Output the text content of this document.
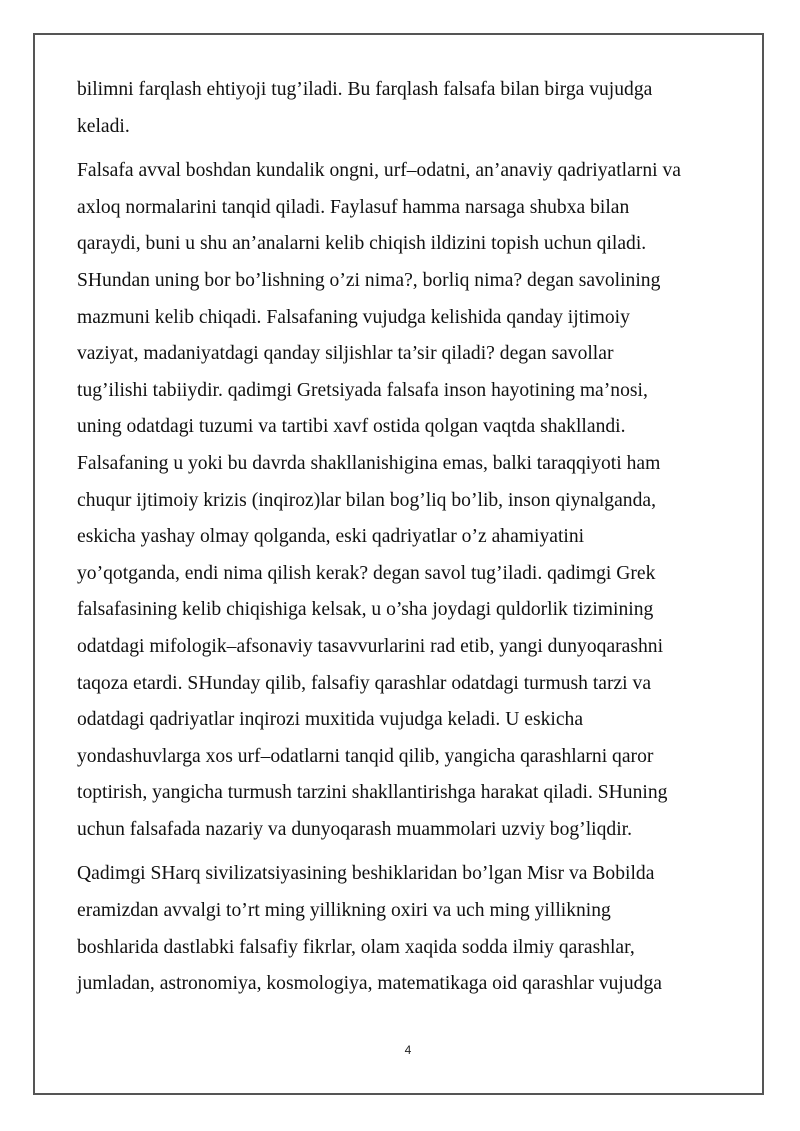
bilimni farqlash ehtiyoji tug’iladi. Bu farqlash falsafa bilan birga vujudga
keladi.
Falsafa avval boshdan kundalik ongni, urf–odatni, an’anaviy qadriyatlarni va
axloq normalarini tanqid qiladi. Faylasuf hamma narsaga shubxa bilan
qaraydi, buni u shu an’analarni kelib chiqish ildizini topish uchun qiladi.
SHundan uning bor bo’lishning o’zi nima?, borliq nima? degan savolining
mazmuni kelib chiqadi. Falsafaning vujudga kelishida qanday ijtimoiy
vaziyat, madaniyatdagi qanday siljishlar ta’sir qiladi? degan savollar
tug’ilishi tabiiydir. qadimgi Gretsiyada falsafa inson hayotining ma’nosi,
uning odatdagi tuzumi va tartibi xavf ostida qolgan vaqtda shakllandi.
Falsafaning u yoki bu davrda shakllanishigina emas, balki taraqqiyoti ham
chuqur ijtimoiy krizis (inqiroz)lar bilan bog’liq bo’lib, inson qiynalganda,
eskicha yashay olmay qolganda, eski qadriyatlar o’z ahamiyatini
yo’qotganda, endi nima qilish kerak? degan savol tug’iladi. qadimgi Grek
falsafasining kelib chiqishiga kelsak, u o’sha joydagi quldorlik tizimining
odatdagi mifologik–afsonaviy tasavvurlarini rad etib, yangi dunyoqarashni
taqoza etardi. SHunday qilib, falsafiy qarashlar odatdagi turmush tarzi va
odatdagi qadriyatlar inqirozi muxitida vujudga keladi. U eskicha
yondashuvlarga xos urf–odatlarni tanqid qilib, yangicha qarashlarni qaror
toptirish, yangicha turmush tarzini shakllantirishga harakat qiladi. SHuning
uchun falsafada nazariy va dunyoqarash muammolari uzviy bog’liqdir.
Qadimgi SHarq sivilizatsiyasining beshiklaridan bo’lgan Misr va Bobilda
eramizdan avvalgi to’rt ming yillikning oxiri va uch ming yillikning
boshlarida dastlabki falsafiy fikrlar, olam xaqida sodda ilmiy qarashlar,
jumladan, astronomiya, kosmologiya, matematikaga oid qarashlar vujudga
4
